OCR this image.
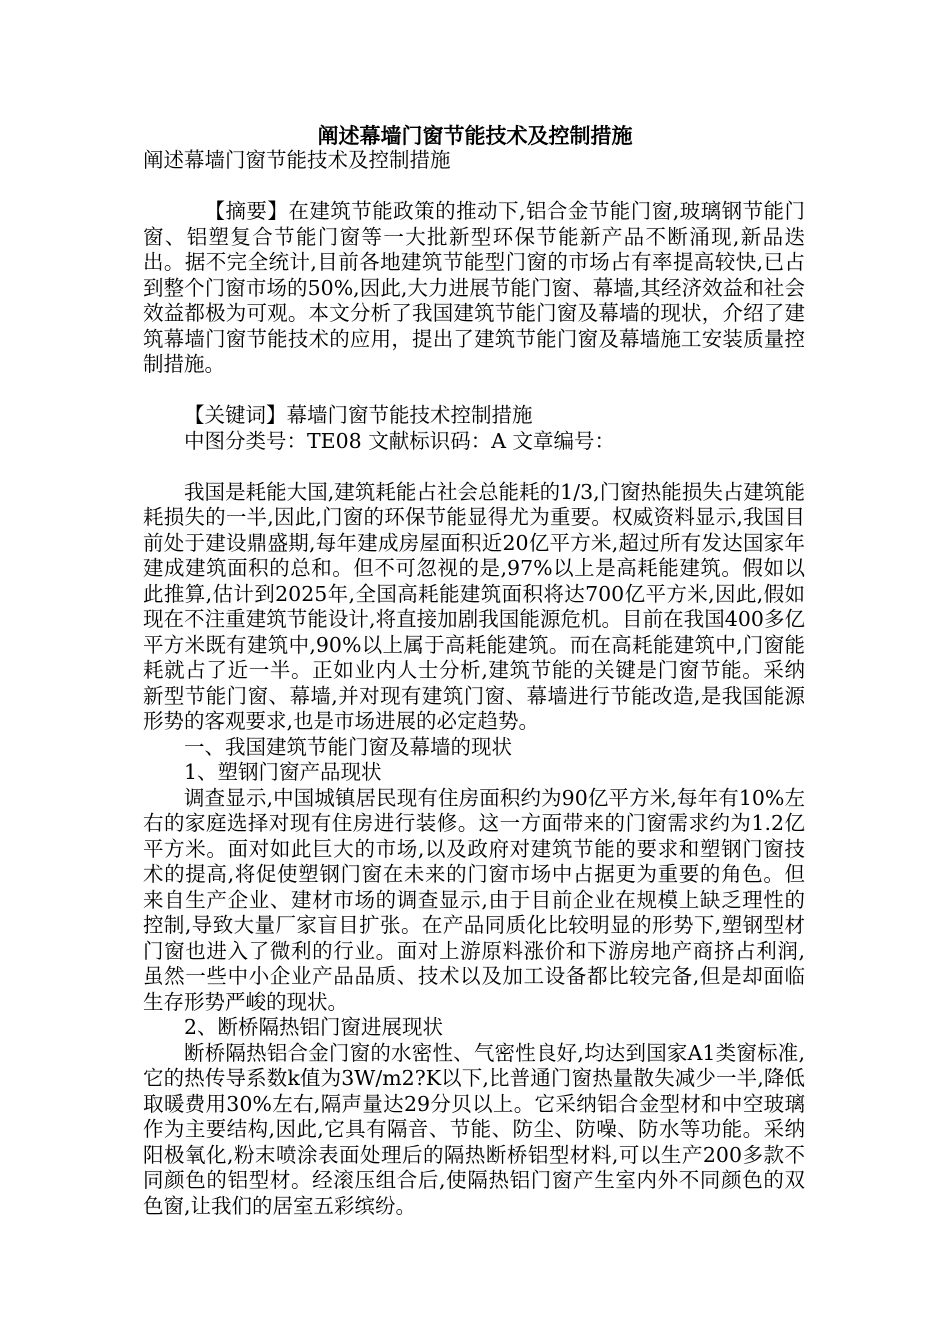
阐述幕墙门窗节能技术及控制措施

阐述幕墙门窗节能技术及控制措施

【摘要】在建筑节能政策的推动下,铝合金节能门窗,玻璃钢节能门窗、铝塑复合节能门窗等一大批新型环保节能新产品不断涌现,新品迭出。据不完全统计,目前各地建筑节能型门窗的市场占有率提高较快,已占到整个门窗市场的50%,因此,大力进展节能门窗、幕墙,其经济效益和社会效益都极为可观。本文分析了我国建筑节能门窗及幕墙的现状，介绍了建筑幕墙门窗节能技术的应用，提出了建筑节能门窗及幕墙施工安装质量控制措施。

【关键词】幕墙门窗节能技术控制措施

中图分类号：TE08 文献标识码：A 文章编号：

我国是耗能大国,建筑耗能占社会总能耗的1/3,门窗热能损失占建筑能耗损失的一半,因此,门窗的环保节能显得尤为重要。权威资料显示,我国目前处于建设鼎盛期,每年建成房屋面积近20亿平方米,超过所有发达国家年建成建筑面积的总和。但不可忽视的是,97%以上是高耗能建筑。假如以此推算,估计到2025年,全国高耗能建筑面积将达700亿平方米,因此,假如现在不注重建筑节能设计,将直接加剧我国能源危机。目前在我国400多亿平方米既有建筑中,90%以上属于高耗能建筑。而在高耗能建筑中,门窗能耗就占了近一半。正如业内人士分析,建筑节能的关键是门窗节能。采纳新型节能门窗、幕墙,并对现有建筑门窗、幕墙进行节能改造,是我国能源形势的客观要求,也是市场进展的必定趋势。

一、我国建筑节能门窗及幕墙的现状

1、塑钢门窗产品现状

调查显示,中国城镇居民现有住房面积约为90亿平方米,每年有10%左右的家庭选择对现有住房进行装修。这一方面带来的门窗需求约为1.2亿平方米。面对如此巨大的市场,以及政府对建筑节能的要求和塑钢门窗技术的提高,将促使塑钢门窗在未来的门窗市场中占据更为重要的角色。但来自生产企业、建材市场的调查显示,由于目前企业在规模上缺乏理性的控制,导致大量厂家盲目扩张。在产品同质化比较明显的形势下,塑钢型材门窗也进入了微利的行业。面对上游原料涨价和下游房地产商挤占利润,虽然一些中小企业产品品质、技术以及加工设备都比较完备,但是却面临生存形势严峻的现状。

2、断桥隔热铝门窗进展现状

断桥隔热铝合金门窗的水密性、气密性良好,均达到国家A1类窗标准,它的热传导系数k值为3W/m2?K以下,比普通门窗热量散失减少一半,降低取暖费用30%左右,隔声量达29分贝以上。它采纳铝合金型材和中空玻璃作为主要结构,因此,它具有隔音、节能、防尘、防噪、防水等功能。采纳阳极氧化,粉末喷涂表面处理后的隔热断桥铝型材料,可以生产200多款不同颜色的铝型材。经滚压组合后,使隔热铝门窗产生室内外不同颜色的双色窗,让我们的居室五彩缤纷。
